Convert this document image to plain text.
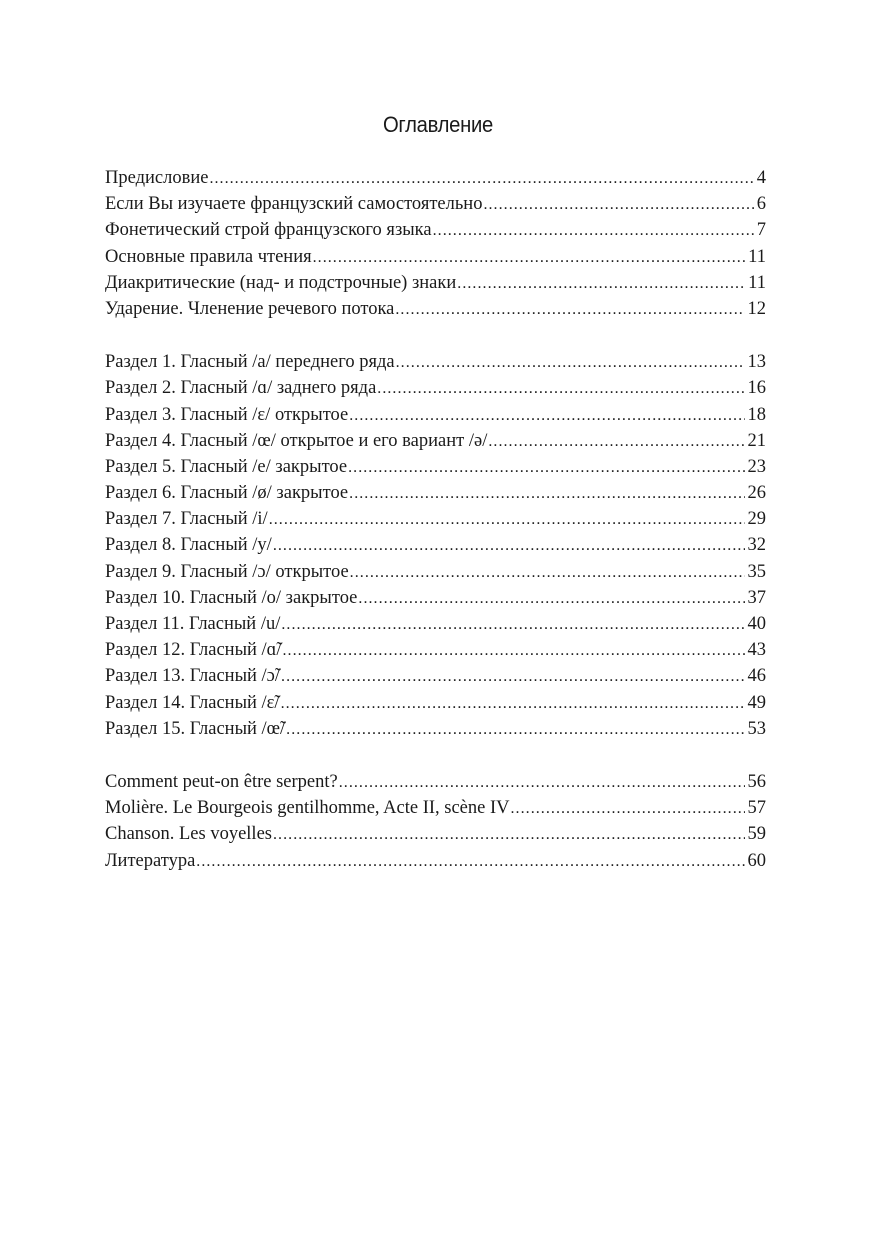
Оглавление
Предисловие .....	4
Если Вы изучаете французский самостоятельно .....	6
Фонетический строй французского языка .....	7
Основные правила чтения .....	11
Диакритические (над- и подстрочные) знаки .....	11
Ударение. Членение речевого потока .....	12
Раздел 1. Гласный /a/ переднего ряда .....	13
Раздел 2. Гласный /ɑ/ заднего ряда .....	16
Раздел 3. Гласный /ɛ/ открытое .....	18
Раздел 4. Гласный /œ/ открытое и его вариант /ə/ .....	21
Раздел 5. Гласный /e/ закрытое .....	23
Раздел 6. Гласный /ø/ закрытое .....	26
Раздел 7. Гласный /i/ .....	29
Раздел 8. Гласный /y/ .....	32
Раздел 9. Гласный /ɔ/ открытое .....	35
Раздел 10. Гласный /o/ закрытое .....	37
Раздел 11. Гласный /u/ .....	40
Раздел 12. Гласный /ɑ̃/ .....	43
Раздел 13. Гласный /ɔ̃/ .....	46
Раздел 14. Гласный /ɛ̃/ .....	49
Раздел 15. Гласный /œ̃/ .....	53
Comment peut-on être serpent? .....	56
Molière. Le Bourgeois gentilhomme, Acte II, scène IV .....	57
Chanson. Les voyelles .....	59
Литература .....	60
